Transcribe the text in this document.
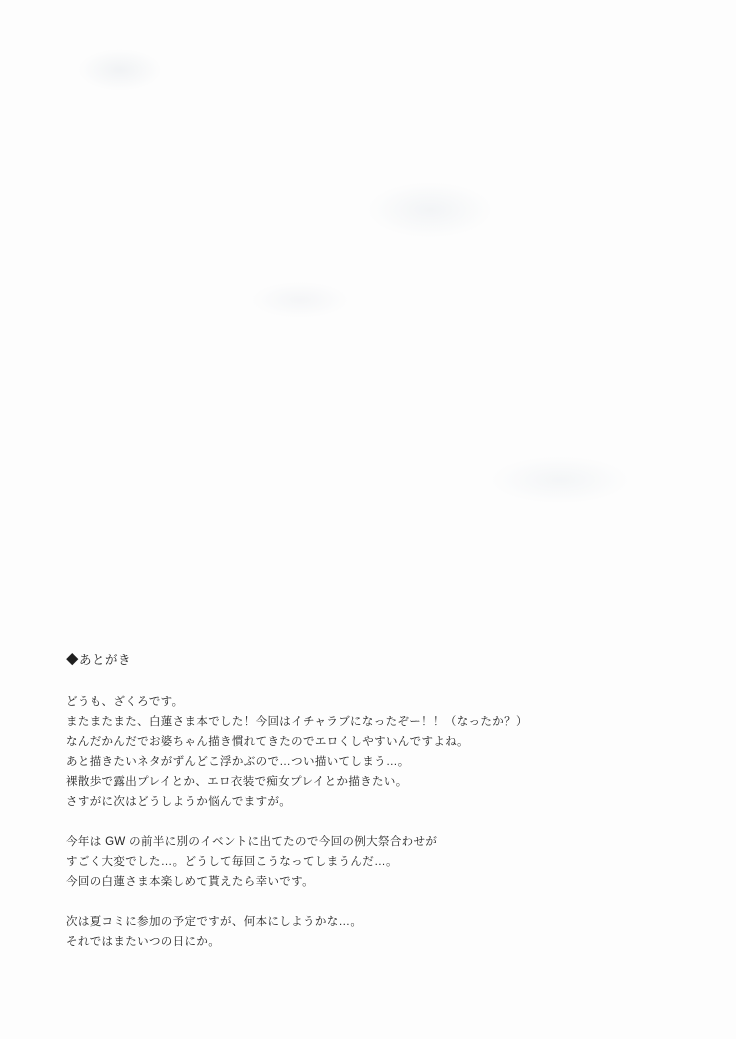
◆あとがき
どうも、ざくろです。
またまたまた、白蓮さま本でした！今回はイチャラブになったぞー！！（なったか？）
なんだかんだでお婆ちゃん描き慣れてきたのでエロくしやすいんですよね。
あと描きたいネタがずんどこ浮かぶので…つい描いてしまう…。
裸散歩で露出プレイとか、エロ衣装で痴女プレイとか描きたい。
さすがに次はどうしようか悩んでますが。
今年は GW の前半に別のイベントに出てたので今回の例大祭合わせが
すごく大変でした…。どうして毎回こうなってしまうんだ…。
今回の白蓮さま本楽しめて貰えたら幸いです。
次は夏コミに参加の予定ですが、何本にしようかな…。
それではまたいつの日にか。
